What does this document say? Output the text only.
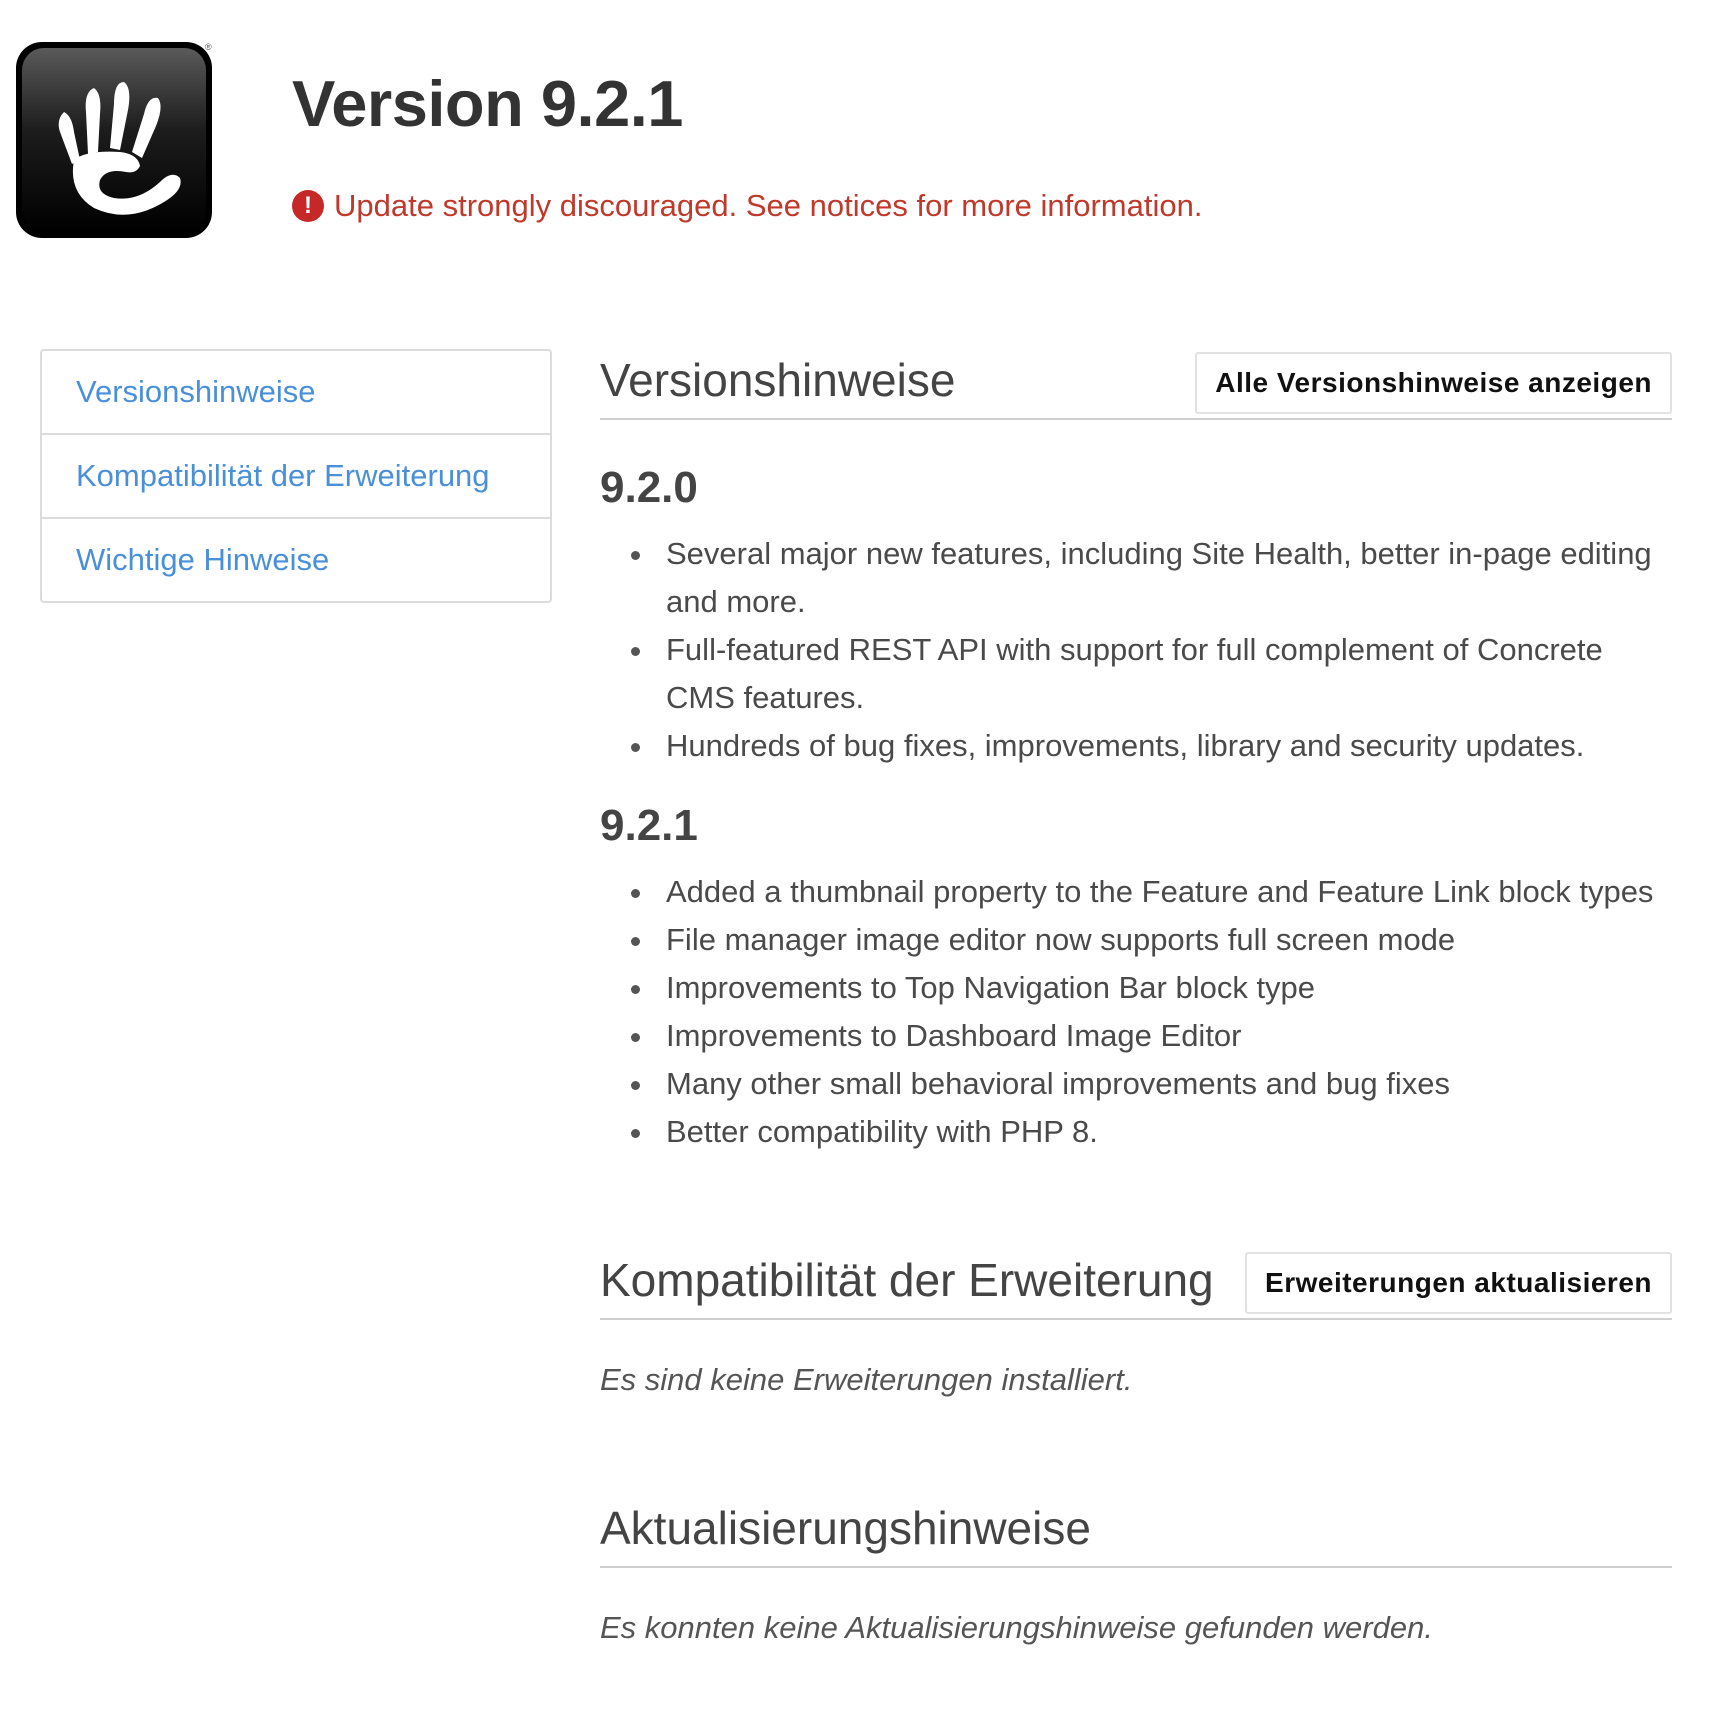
®
Version 9.2.1
! Update strongly discouraged. See notices for more information.
Versionshinweise
Kompatibilität der Erweiterung
Wichtige Hinweise
Versionshinweise	Alle Versionshinweise anzeigen
9.2.0
Several major new features, including Site Health, better in-page editing and more.
Full-featured REST API with support for full complement of Concrete CMS features.
Hundreds of bug fixes, improvements, library and security updates.
9.2.1
Added a thumbnail property to the Feature and Feature Link block types
File manager image editor now supports full screen mode
Improvements to Top Navigation Bar block type
Improvements to Dashboard Image Editor
Many other small behavioral improvements and bug fixes
Better compatibility with PHP 8.
Kompatibilität der Erweiterung	Erweiterungen aktualisieren

Es sind keine Erweiterungen installiert.

Aktualisierungshinweise

Es konnten keine Aktualisierungshinweise gefunden werden.
